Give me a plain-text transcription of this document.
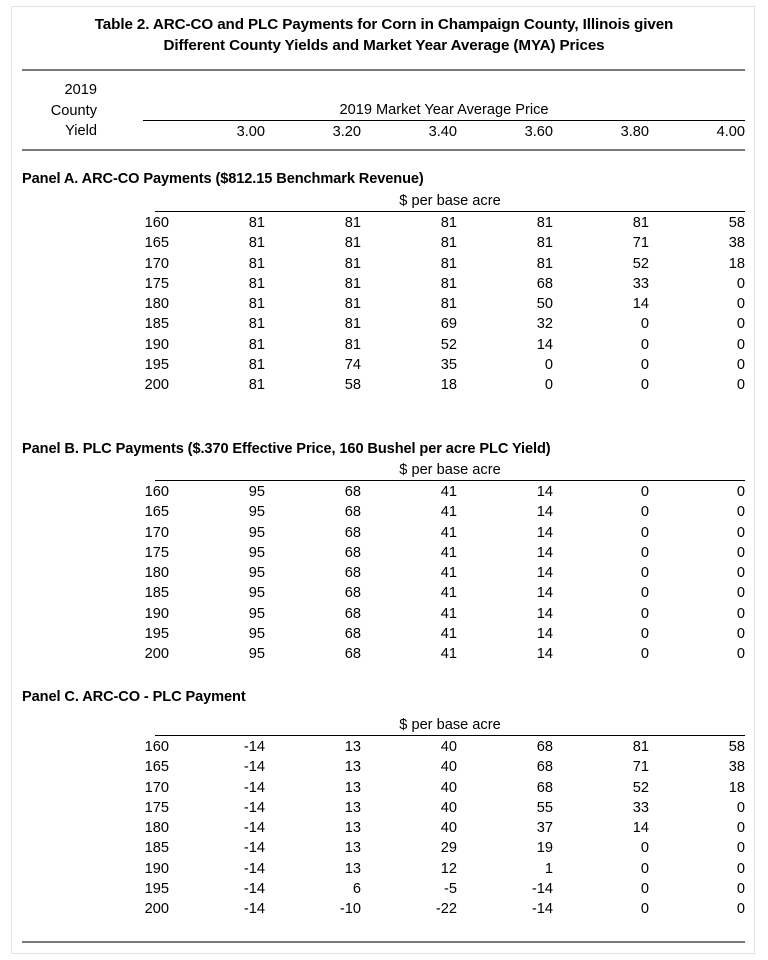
Table 2. ARC-CO and PLC Payments for Corn in Champaign County, Illinois given
Different County Yields and Market Year Average (MYA) Prices
2019
County
Yield
2019 Market Year Average Price
3.00	3.20	3.40	3.60	3.80	4.00
Panel A. ARC-CO Payments ($812.15 Benchmark Revenue)
$ per base acre
160	81	81	81	81	81	58
165	81	81	81	81	71	38
170	81	81	81	81	52	18
175	81	81	81	68	33	0
180	81	81	81	50	14	0
185	81	81	69	32	0	0
190	81	81	52	14	0	0
195	81	74	35	0	0	0
200	81	58	18	0	0	0
Panel B. PLC Payments ($.370 Effective Price, 160 Bushel per acre PLC Yield)
$ per base acre
160	95	68	41	14	0	0
165	95	68	41	14	0	0
170	95	68	41	14	0	0
175	95	68	41	14	0	0
180	95	68	41	14	0	0
185	95	68	41	14	0	0
190	95	68	41	14	0	0
195	95	68	41	14	0	0
200	95	68	41	14	0	0
Panel C. ARC-CO - PLC Payment
$ per base acre
160	-14	13	40	68	81	58
165	-14	13	40	68	71	38
170	-14	13	40	68	52	18
175	-14	13	40	55	33	0
180	-14	13	40	37	14	0
185	-14	13	29	19	0	0
190	-14	13	12	1	0	0
195	-14	6	-5	-14	0	0
200	-14	-10	-22	-14	0	0
